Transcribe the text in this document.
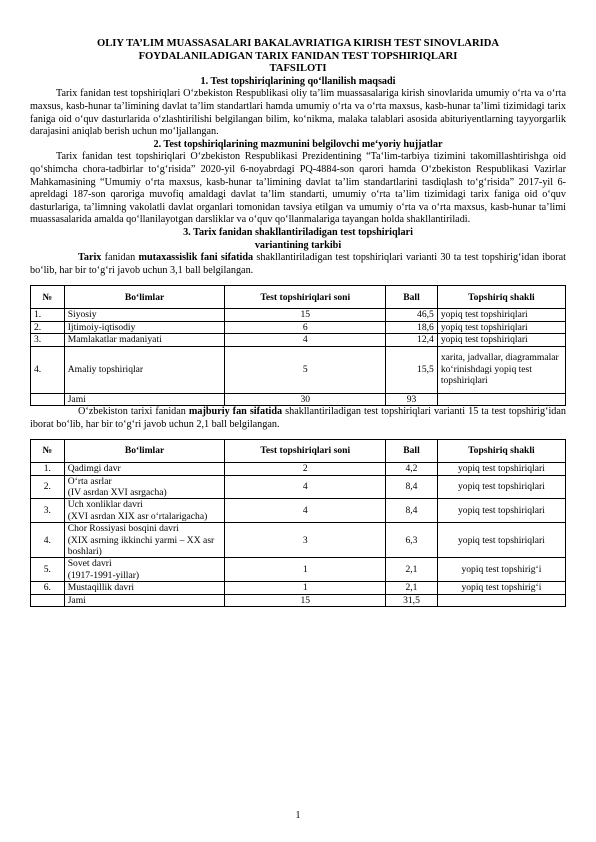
OLIY TA’LIM MUASSASALARI BAKALAVRIATIGA KIRISH TEST SINOVLARIDA
FOYDALANILADIGAN TARIX FANIDAN TEST TOPSHIRIQLARI
TAFSILOTI
1. Test topshiriqlarining qo‘llanilish maqsadi

Tarix fanidan test topshiriqlari O‘zbekiston Respublikasi oliy ta’lim muassasalariga kirish sinovlarida umumiy o‘rta va o‘rta maxsus, kasb-hunar ta’limining davlat ta’lim standartlari hamda umumiy o‘rta va o‘rta maxsus, kasb-hunar ta’limi tizimidagi tarix faniga oid o‘quv dasturlarida o‘zlashtirilishi belgilangan bilim, ko‘nikma, malaka talablari asosida abituriyentlarning tayyorgarlik darajasini aniqlab berish uchun mo‘ljallangan.

2. Test topshiriqlarining mazmunini belgilovchi me‘yoriy hujjatlar

Tarix fanidan test topshiriqlari O‘zbekiston Respublikasi Prezidentining “Ta‘lim-tarbiya tizimini takomillashtirishga oid qo‘shimcha chora-tadbirlar to‘g‘risida” 2020-yil 6-noyabrdagi PQ-4884-son qarori hamda O‘zbekiston Respublikasi Vazirlar Mahkamasining “Umumiy o‘rta maxsus, kasb-hunar ta’limining davlat ta’lim standartlarini tasdiqlash to‘g‘risida” 2017-yil 6-apreldagi 187-son qaroriga muvofiq amaldagi davlat ta’lim standarti, umumiy o‘rta ta’lim tizimidagi tarix faniga oid o‘quv dasturlariga, ta’limning vakolatli davlat organlari tomonidan tavsiya etilgan va umumiy o‘rta va o‘rta maxsus, kasb-hunar ta’limi muassasalarida amalda qo‘llanilayotgan darsliklar va o‘quv qo‘llanmalariga tayangan holda shakllantiriladi.

3. Tarix fanidan shakllantiriladigan test topshiriqlari
variantining tarkibi

Tarix fanidan mutaxassislik fani sifatida shakllantiriladigan test topshiriqlari varianti 30 ta test topshirig‘idan iborat bo‘lib, har bir to‘g‘ri javob uchun 3,1 ball belgilangan.

№	Bo‘limlar	Test topshiriqlari soni	Ball	Topshiriq shakli
1.	Siyosiy	15	46,5	yopiq test topshiriqlari
2.	Ijtimoiy-iqtisodiy	6	18,6	yopiq test topshiriqlari
3.	Mamlakatlar madaniyati	4	12,4	yopiq test topshiriqlari
4.	Amaliy topshiriqlar	5	15,5	xarita, jadvallar, diagrammalar ko‘rinishdagi yopiq test topshiriqlari
	Jami	30	93	

O‘zbekiston tarixi fanidan majburiy fan sifatida shakllantiriladigan test topshiriqlari varianti 15 ta test topshirig‘idan iborat bo‘lib, har bir to‘g‘ri javob uchun 2,1 ball belgilangan.

№	Bo‘limlar	Test topshiriqlari soni	Ball	Topshiriq shakli
1.	Qadimgi davr	2	4,2	yopiq test topshiriqlari
2.	O‘rta asrlar
(IV asrdan XVI asrgacha)	4	8,4	yopiq test topshiriqlari
3.	Uch xonliklar davri
(XVI asrdan XIX asr o‘rtalarigacha)	4	8,4	yopiq test topshiriqlari
4.	Chor Rossiyasi bosqini davri
(XIX asrning ikkinchi yarmi – XX asr boshlari)	3	6,3	yopiq test topshiriqlari
5.	Sovet davri
(1917-1991-yillar)	1	2,1	yopiq test topshirig‘i
6.	Mustaqillik davri	1	2,1	yopiq test topshirig‘i
	Jami	15	31,5	
1
